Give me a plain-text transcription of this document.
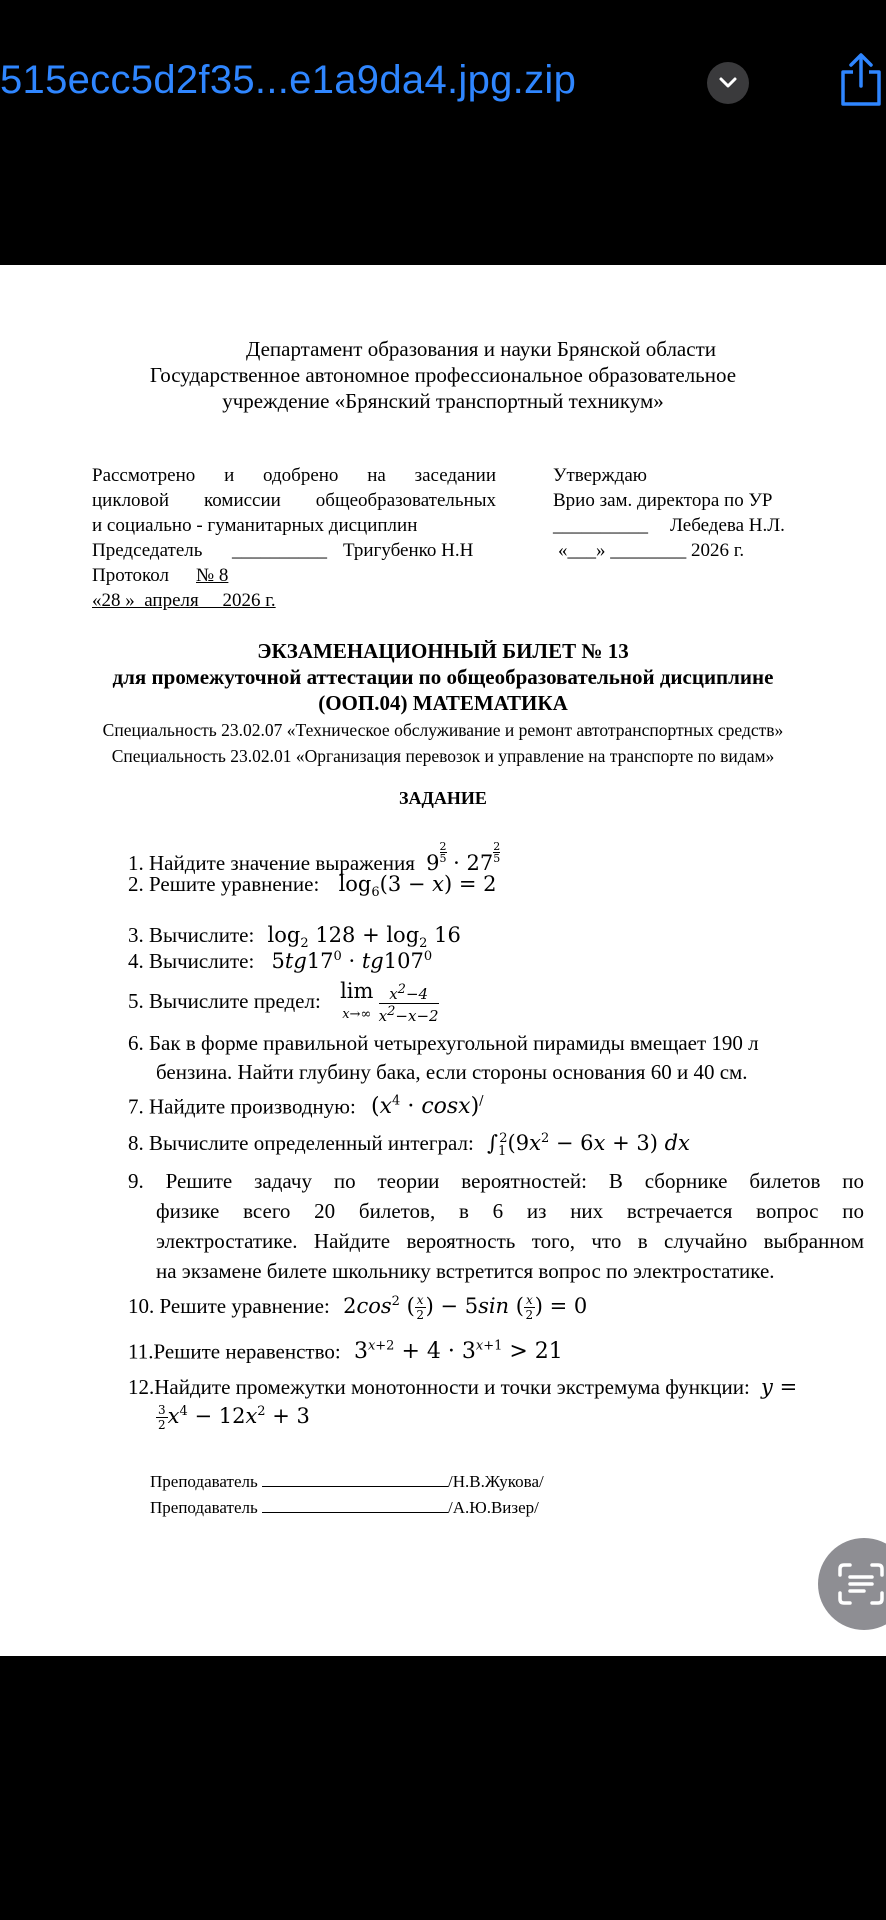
515ecc5d2f35...e1a9da4.jpg.zip
Департамент образования и науки Брянской области
Государственное автономное профессиональное образовательное
учреждение «Брянский транспортный техникум»
Рассмотрено и одобрено на заседании
цикловой комиссии общеобразовательных
и социально - гуманитарных дисциплин
Председатель __________ Тригубенко Н.Н
Протокол № 8
«28 »  апреля     2026 г.
Утверждаю
Врио зам. директора по УР
__________ Лебедева Н.Л.
«___» ________ 2026 г.
ЭКЗАМЕНАЦИОННЫЙ БИЛЕТ № 13
для промежуточной аттестации по общеобразовательной дисциплине
(ООП.04) МАТЕМАТИКА
Специальность 23.02.07 «Техническое обслуживание и ремонт автотранспортных средств»
Специальность 23.02.01 «Организация перевозок и управление на транспорте по видам»
ЗАДАНИЕ
1. Найдите значение выражения $9 \frac{2}{5} \cdot 27 \frac{2}{5}$
2. Решите уравнение: $\log_6(3 - x) = 2$
3. Вычислите: $\log_2 128 + \log_2 16$
4. Вычислите: $5tg17^0 \cdot tg107^0$
5. Вычислите предел: lim
$x\to\infty \frac{x^2-4}{x^2-x-2}$
6. Бак в форме правильной четырехугольной пирамиды вмещает 190 л
бензина. Найти глубину бака, если стороны основания 60 и 40 см.
7. Найдите производную: $(x^4 \cdot \cos x)^/$
8. Вычислите определенный интеграл: $\int_1^2(9x^2 - 6x + 3)$ dx
9. Решите задачу по теории вероятностей: В сборнике билетов по
физике всего 20 билетов, в 6 из них встречается вопрос по
электростатике. Найдите вероятность того, что в случайно выбранном
на экзамене билете школьнику встретится вопрос по электростатике.
10. Решите уравнение: $2\cos^2$ ( $\frac{x}{2}$ ) − 5sin ( $\frac{x}{2}$ ) = 0
11.Решите неравенство: $3^{x+2} + 4 \cdot 3^{x+1} > 21$
12.Найдите промежутки монотонности и точки экстремума функции: y =
$\frac{3}{2} x^4 - 12x^2 + 3$
Преподаватель	/Н.В.Жукова/
Преподаватель	/А.Ю.Визер/
